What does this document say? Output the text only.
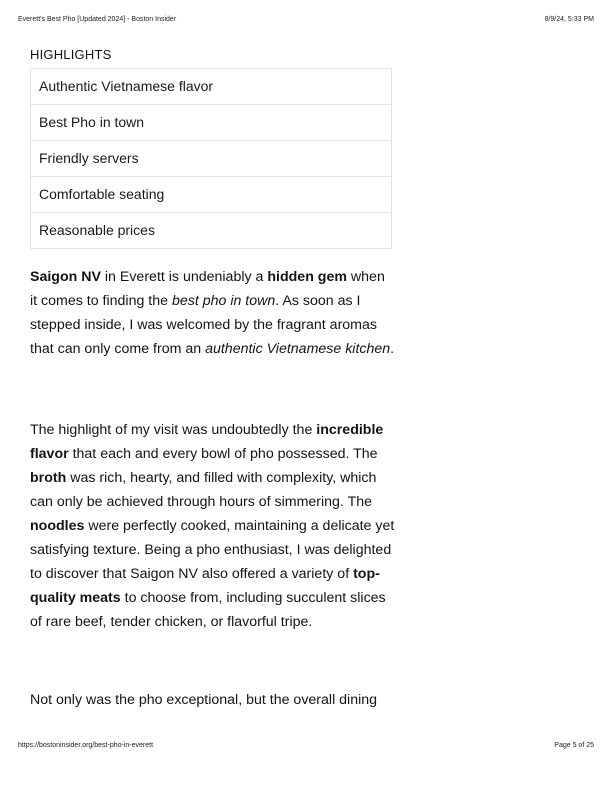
Everett's Best Pho [Updated 2024] - Boston Insider	8/9/24, 5:33 PM
HIGHLIGHTS
Authentic Vietnamese flavor
Best Pho in town
Friendly servers
Comfortable seating
Reasonable prices

Saigon NV in Everett is undeniably a hidden gem when it comes to finding the best pho in town. As soon as I stepped inside, I was welcomed by the fragrant aromas that can only come from an authentic Vietnamese kitchen.

The highlight of my visit was undoubtedly the incredible flavor that each and every bowl of pho possessed. The broth was rich, hearty, and filled with complexity, which can only be achieved through hours of simmering. The noodles were perfectly cooked, maintaining a delicate yet satisfying texture. Being a pho enthusiast, I was delighted to discover that Saigon NV also offered a variety of top-quality meats to choose from, including succulent slices of rare beef, tender chicken, or flavorful tripe.

Not only was the pho exceptional, but the overall dining

https://bostoninsider.org/best-pho-in-everett	Page 5 of 25
